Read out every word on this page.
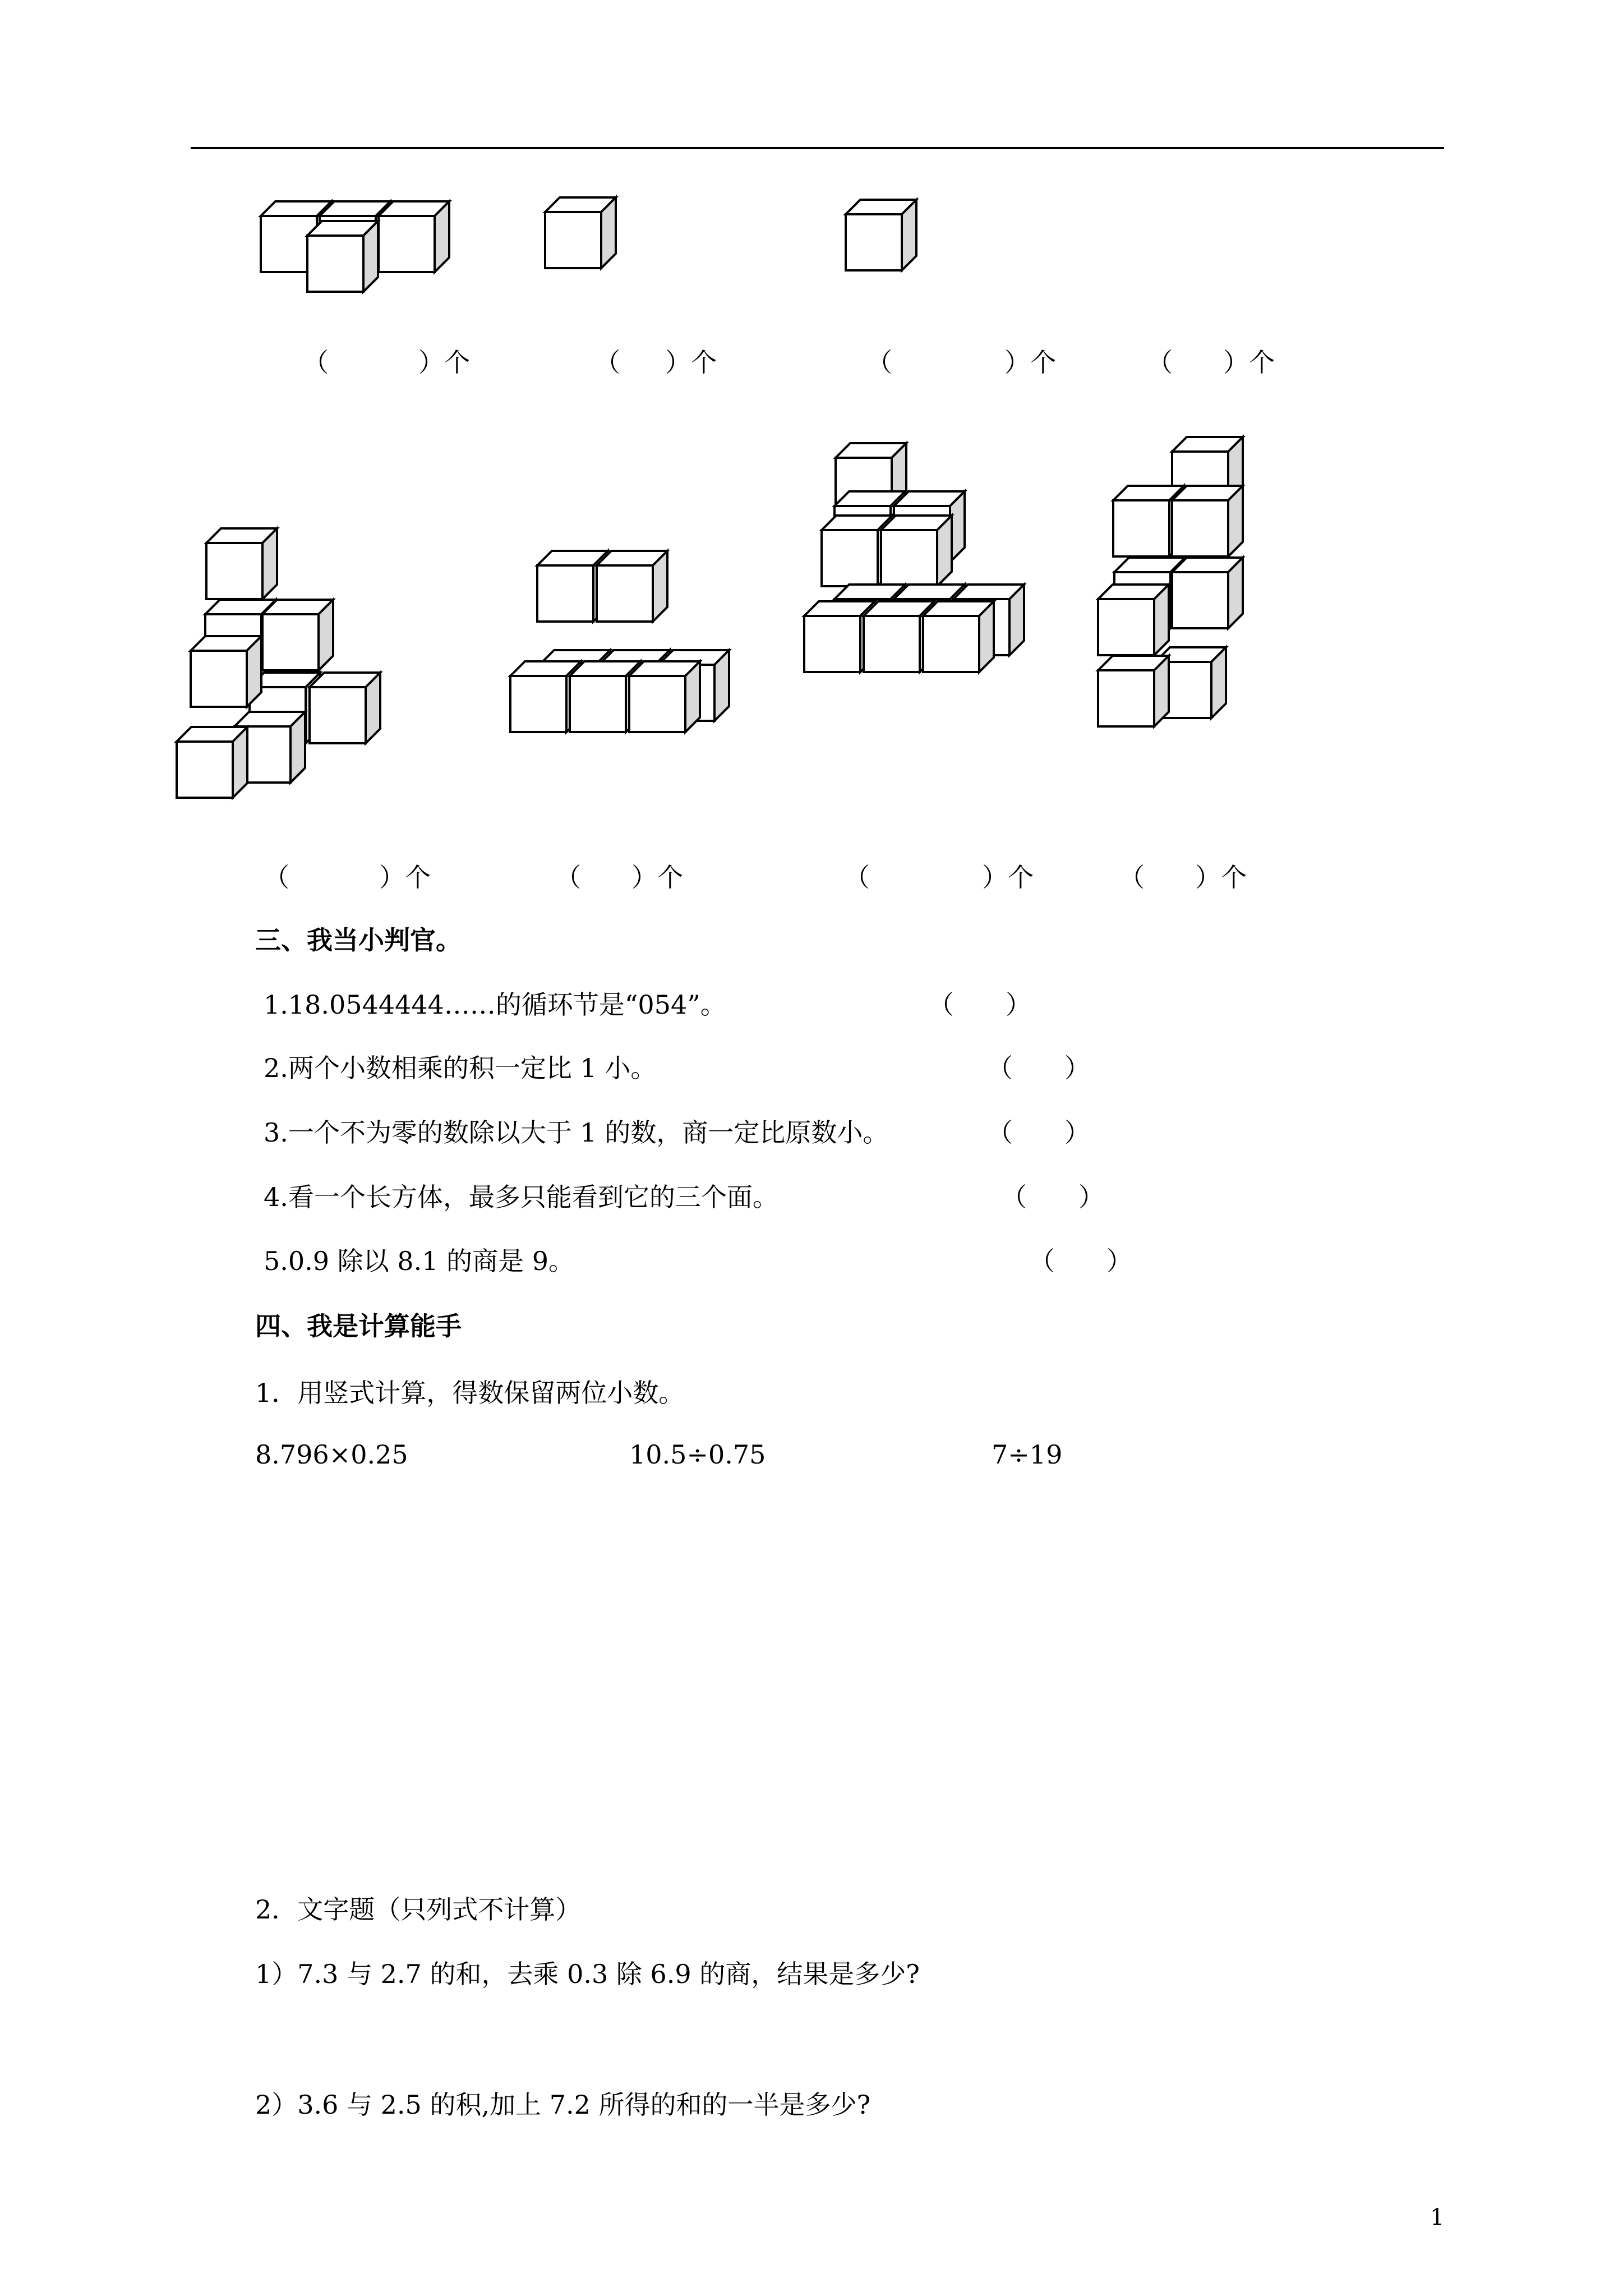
（	）个	（ ）个	（	）个	（ ）个
（	）个	（ ）个	（	）个	（ ）个
三、我当小判官。
1.18.0544444……的循环节是“054”。	（　　）
2.两个小数相乘的积一定比 1 小。	（　　）
3.一个不为零的数除以大于 1 的数，商一定比原数小。	（　　）
4.看一个长方体，最多只能看到它的三个面。	（　　）
5.0.9 除以 8.1 的商是 9。	（　　）
四、我是计算能手
1．用竖式计算，得数保留两位小数。
8.796×0.25	10.5÷0.75	7÷19
2．文字题（只列式不计算）
1）7.3 与 2.7 的和，去乘 0.3 除 6.9 的商，结果是多少?
2）3.6 与 2.5 的积,加上 7.2 所得的和的一半是多少?
1
